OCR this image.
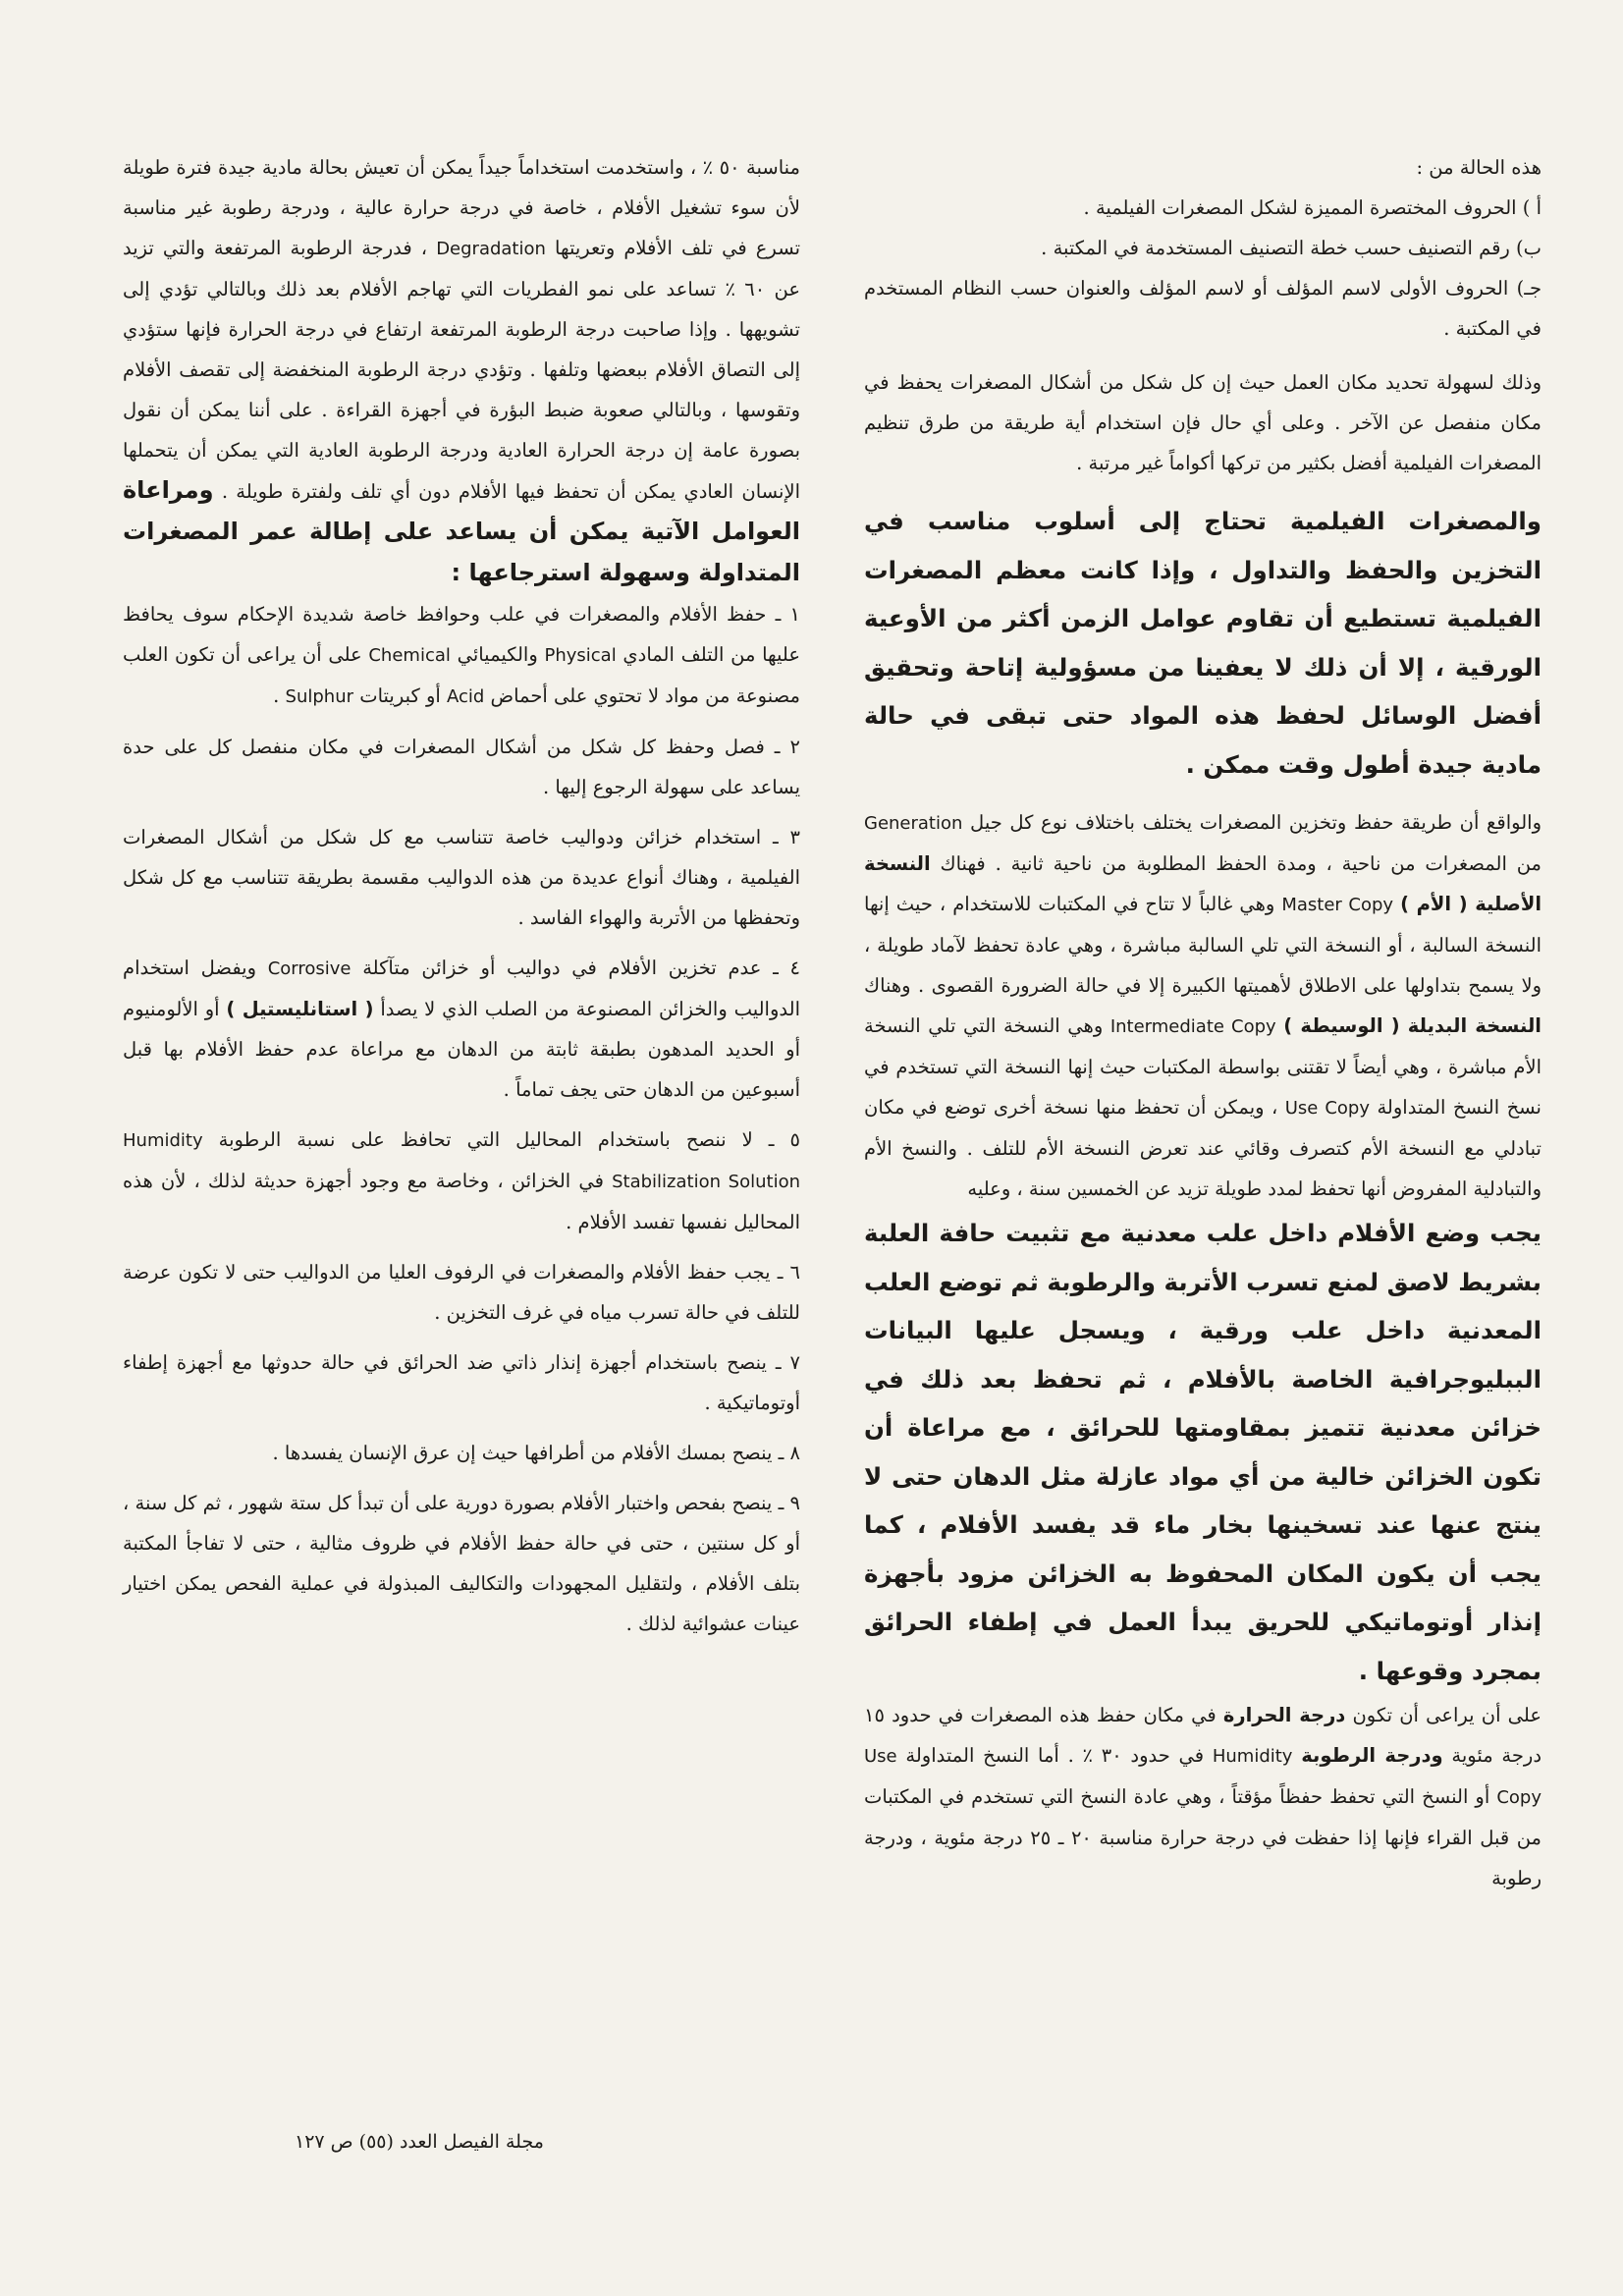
هذه الحالة من :

أ ) الحروف المختصرة المميزة لشكل المصغرات الفيلمية .

ب) رقم التصنيف حسب خطة التصنيف المستخدمة في المكتبة .

جـ) الحروف الأولى لاسم المؤلف أو لاسم المؤلف والعنوان حسب النظام المستخدم في المكتبة .

وذلك لسهولة تحديد مكان العمل حيث إن كل شكل من أشكال المصغرات يحفظ في مكان منفصل عن الآخر . وعلى أي حال فإن استخدام أية طريقة من طرق تنظيم المصغرات الفيلمية أفضل بكثير من تركها أكواماً غير مرتبة .

والمصغرات الفيلمية تحتاج إلى أسلوب مناسب في التخزين والحفظ والتداول ، وإذا كانت معظم المصغرات الفيلمية تستطيع أن تقاوم عوامل الزمن أكثر من الأوعية الورقية ، إلا أن ذلك لا يعفينا من مسؤولية إتاحة وتحقيق أفضل الوسائل لحفظ هذه المواد حتى تبقى في حالة مادية جيدة أطول وقت ممكن .

والواقع أن طريقة حفظ وتخزين المصغرات يختلف باختلاف نوع كل جيل Generation من المصغرات من ناحية ، ومدة الحفظ المطلوبة من ناحية ثانية . فهناك النسخة الأصلية ( الأم ) Master Copy وهي غالباً لا تتاح في المكتبات للاستخدام ، حيث إنها النسخة السالبة ، أو النسخة التي تلي السالبة مباشرة ، وهي عادة تحفظ لآماد طويلة ، ولا يسمح بتداولها على الاطلاق لأهميتها الكبيرة إلا في حالة الضرورة القصوى . وهناك النسخة البديلة ( الوسيطة ) Intermediate Copy وهي النسخة التي تلي النسخة الأم مباشرة ، وهي أيضاً لا تقتنى بواسطة المكتبات حيث إنها النسخة التي تستخدم في نسخ النسخ المتداولة Use Copy ، ويمكن أن تحفظ منها نسخة أخرى توضع في مكان تبادلي مع النسخة الأم كتصرف وقائي عند تعرض النسخة الأم للتلف . والنسخ الأم والتبادلية المفروض أنها تحفظ لمدد طويلة تزيد عن الخمسين سنة ، وعليه

يجب وضع الأفلام داخل علب معدنية مع تثبيت حافة العلبة بشريط لاصق لمنع تسرب الأتربة والرطوبة ثم توضع العلب المعدنية داخل علب ورقية ، ويسجل عليها البيانات الببليوجرافية الخاصة بالأفلام ، ثم تحفظ بعد ذلك في خزائن معدنية تتميز بمقاومتها للحرائق ، مع مراعاة أن تكون الخزائن خالية من أي مواد عازلة مثل الدهان حتى لا ينتج عنها عند تسخينها بخار ماء قد يفسد الأفلام ، كما يجب أن يكون المكان المحفوظ به الخزائن مزود بأجهزة إنذار أوتوماتيكي للحريق يبدأ العمل في إطفاء الحرائق بمجرد وقوعها .

على أن يراعى أن تكون درجة الحرارة في مكان حفظ هذه المصغرات في حدود ١٥ درجة مئوية ودرجة الرطوبة Humidity في حدود ٣٠ ٪ . أما النسخ المتداولة Use Copy أو النسخ التي تحفظ حفظاً مؤقتاً ، وهي عادة النسخ التي تستخدم في المكتبات من قبل القراء فإنها إذا حفظت في درجة حرارة مناسبة ٢٠ ـ ٢٥ درجة مئوية ، ودرجة رطوبة

مناسبة ٥٠ ٪ ، واستخدمت استخداماً جيداً يمكن أن تعيش بحالة مادية جيدة فترة طويلة لأن سوء تشغيل الأفلام ، خاصة في درجة حرارة عالية ، ودرجة رطوبة غير مناسبة تسرع في تلف الأفلام وتعريتها Degradation ، فدرجة الرطوبة المرتفعة والتي تزيد عن ٦٠ ٪ تساعد على نمو الفطريات التي تهاجم الأفلام بعد ذلك وبالتالي تؤدي إلى تشويهها . وإذا صاحبت درجة الرطوبة المرتفعة ارتفاع في درجة الحرارة فإنها ستؤدي إلى التصاق الأفلام ببعضها وتلفها . وتؤدي درجة الرطوبة المنخفضة إلى تقصف الأفلام وتقوسها ، وبالتالي صعوبة ضبط البؤرة في أجهزة القراءة . على أننا يمكن أن نقول بصورة عامة إن درجة الحرارة العادية ودرجة الرطوبة العادية التي يمكن أن يتحملها الإنسان العادي يمكن أن تحفظ فيها الأفلام دون أي تلف ولفترة طويلة . ومراعاة العوامل الآتية يمكن أن يساعد على إطالة عمر المصغرات المتداولة وسهولة استرجاعها :

١ ـ حفظ الأفلام والمصغرات في علب وحوافظ خاصة شديدة الإحكام سوف يحافظ عليها من التلف المادي Physical والكيميائي Chemical على أن يراعى أن تكون العلب مصنوعة من مواد لا تحتوي على أحماض Acid أو كبريتات Sulphur .

٢ ـ فصل وحفظ كل شكل من أشكال المصغرات في مكان منفصل كل على حدة يساعد على سهولة الرجوع إليها .

٣ ـ استخدام خزائن ودواليب خاصة تتناسب مع كل شكل من أشكال المصغرات الفيلمية ، وهناك أنواع عديدة من هذه الدواليب مقسمة بطريقة تتناسب مع كل شكل وتحفظها من الأتربة والهواء الفاسد .

٤ ـ عدم تخزين الأفلام في دواليب أو خزائن متآكلة Corrosive ويفضل استخدام الدواليب والخزائن المصنوعة من الصلب الذي لا يصدأ ( استانليستيل ) أو الألومنيوم أو الحديد المدهون بطبقة ثابتة من الدهان مع مراعاة عدم حفظ الأفلام بها قبل أسبوعين من الدهان حتى يجف تماماً .

٥ ـ لا ننصح باستخدام المحاليل التي تحافظ على نسبة الرطوبة Humidity Stabilization Solution في الخزائن ، وخاصة مع وجود أجهزة حديثة لذلك ، لأن هذه المحاليل نفسها تفسد الأفلام .

٦ ـ يجب حفظ الأفلام والمصغرات في الرفوف العليا من الدواليب حتى لا تكون عرضة للتلف في حالة تسرب مياه في غرف التخزين .

٧ ـ ينصح باستخدام أجهزة إنذار ذاتي ضد الحرائق في حالة حدوثها مع أجهزة إطفاء أوتوماتيكية .

٨ ـ ينصح بمسك الأفلام من أطرافها حيث إن عرق الإنسان يفسدها .

٩ ـ ينصح بفحص واختبار الأفلام بصورة دورية على أن تبدأ كل ستة شهور ، ثم كل سنة ، أو كل سنتين ، حتى في حالة حفظ الأفلام في ظروف مثالية ، حتى لا تفاجأ المكتبة بتلف الأفلام ، ولتقليل المجهودات والتكاليف المبذولة في عملية الفحص يمكن اختيار عينات عشوائية لذلك .

مجلة الفيصل العدد (٥٥) ص ١٢٧
